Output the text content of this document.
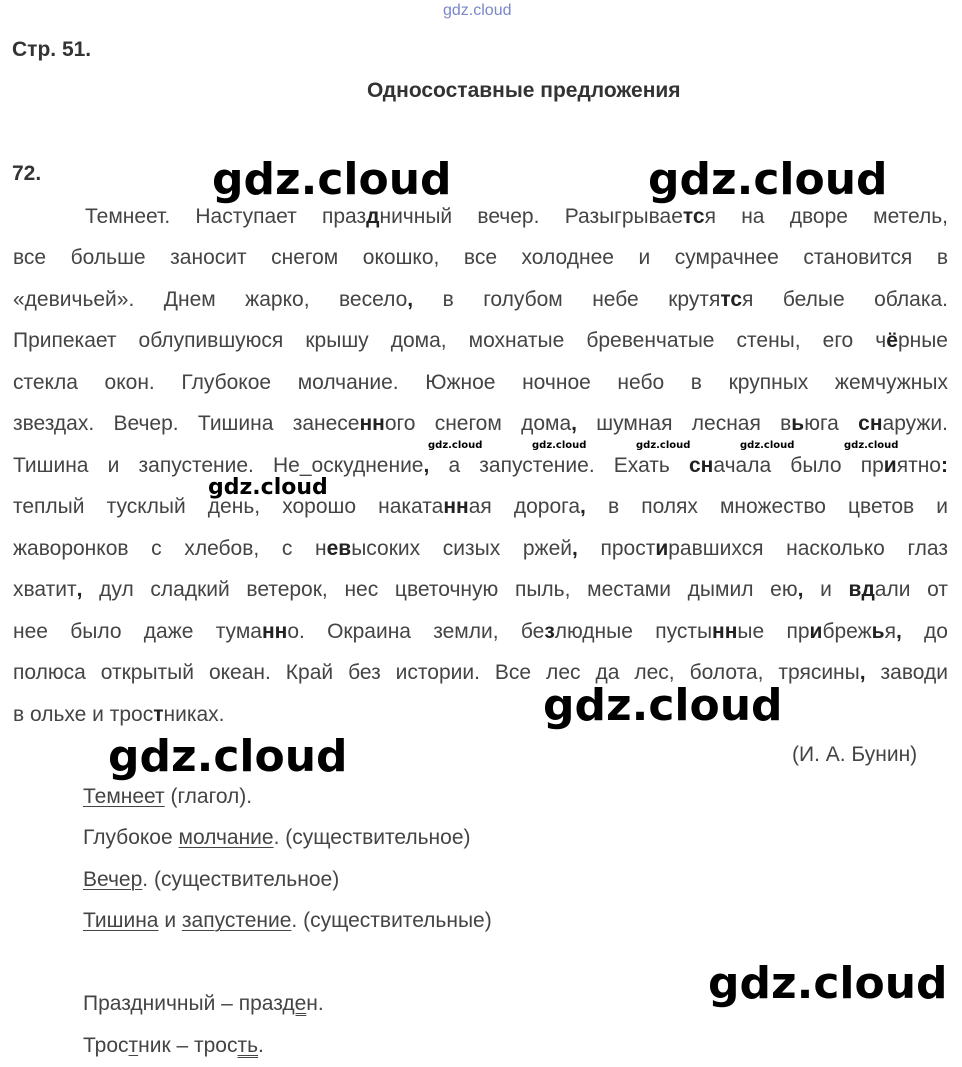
gdz.cloud
Стр. 51.
Односоставные предложения
72.
Темнеет. Наступает праздничный вечер. Разыгрывается на дворе метель,
все больше заносит снегом окошко, все холоднее и сумрачнее становится в
«девичьей». Днем жарко, весело, в голубом небе крутятся белые облака.
Припекает облупившуюся крышу дома, мохнатые бревенчатые стены, его чёрные
стекла окон. Глубокое молчание. Южное ночное небо в крупных жемчужных
звездах. Вечер. Тишина занесенного снегом дома, шумная лесная вьюга снаружи.
Тишина и запустение. Не_оскуднение, а запустение. Ехать сначала было приятно:
теплый тусклый день, хорошо накатанная дорога, в полях множество цветов и
жаворонков с хлебов, с невысоких сизых ржей, простиравшихся насколько глаз
хватит, дул сладкий ветерок, нес цветочную пыль, местами дымил ею, и вдали от
нее было даже туманно. Окраина земли, безлюдные пустынные прибрежья, до
полюса открытый океан. Край без истории. Все лес да лес, болота, трясины, заводи
в ольхе и тростниках.
(И. А. Бунин)
Темнеет (глагол).
Глубокое молчание. (существительное)
Вечер. (существительное)
Тишина и запустение. (существительные)
Праздничный – празден.
Тростник – трость.
gdz.cloud	gdz.cloud
gdz.cloud
gdz.cloud
gdz.cloud
gdz.cloud
gdz.cloud	gdz.cloud	gdz.cloud	gdz.cloud	gdz.cloud
